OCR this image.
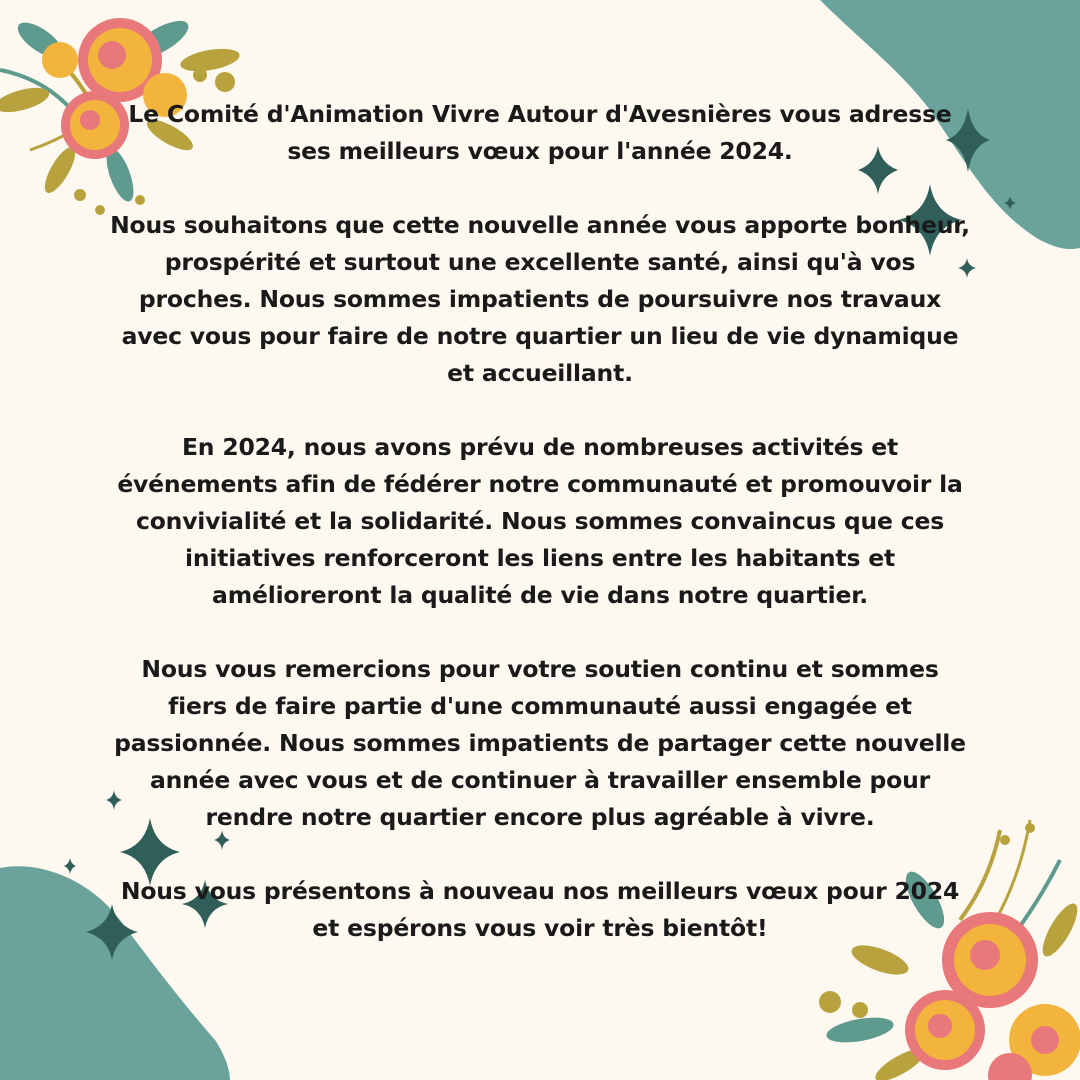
Le Comité d'Animation Vivre Autour d'Avesnières vous adresse ses meilleurs vœux pour l'année 2024.

Nous souhaitons que cette nouvelle année vous apporte bonheur, prospérité et surtout une excellente santé, ainsi qu'à vos proches. Nous sommes impatients de poursuivre nos travaux avec vous pour faire de notre quartier un lieu de vie dynamique et accueillant.

En 2024, nous avons prévu de nombreuses activités et événements afin de fédérer notre communauté et promouvoir la convivialité et la solidarité. Nous sommes convaincus que ces initiatives renforceront les liens entre les habitants et amélioreront la qualité de vie dans notre quartier.

Nous vous remercions pour votre soutien continu et sommes fiers de faire partie d'une communauté aussi engagée et passionnée. Nous sommes impatients de partager cette nouvelle année avec vous et de continuer à travailler ensemble pour rendre notre quartier encore plus agréable à vivre.

Nous vous présentons à nouveau nos meilleurs vœux pour 2024 et espérons vous voir très bientôt!
